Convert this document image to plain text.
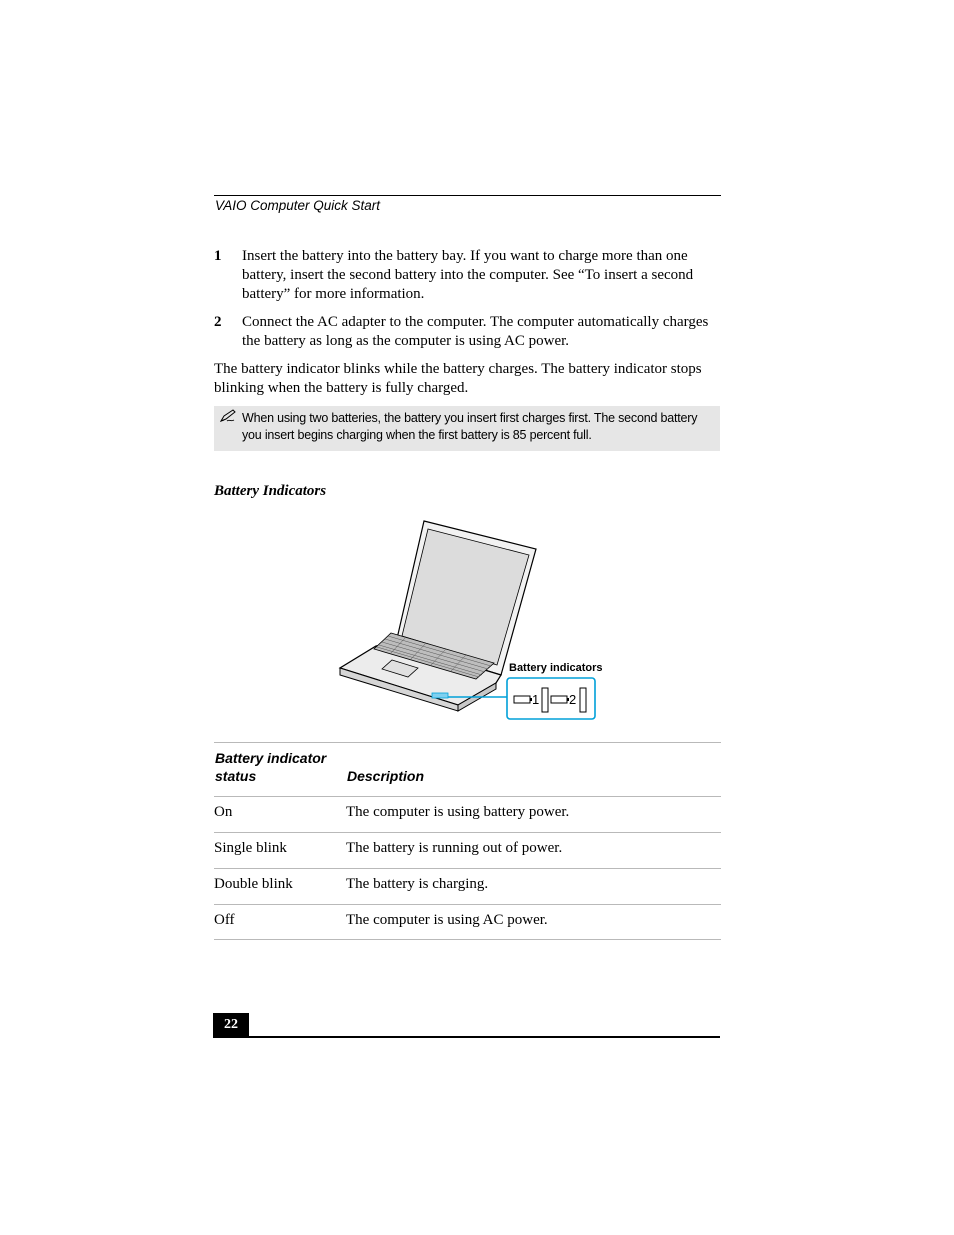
VAIO Computer Quick Start
1 Insert the battery into the battery bay. If you want to charge more than one battery, insert the second battery into the computer. See “To insert a second battery” for more information.
2 Connect the AC adapter to the computer. The computer automatically charges the battery as long as the computer is using AC power.
The battery indicator blinks while the battery charges. The battery indicator stops blinking when the battery is fully charged.
When using two batteries, the battery you insert first charges first. The second battery you insert begins charging when the first battery is 85 percent full.
Battery Indicators
1 2
Battery indicators
Battery indicator status	Description
On	The computer is using battery power.
Single blink	The battery is running out of power.
Double blink	The battery is charging.
Off	The computer is using AC power.
22
